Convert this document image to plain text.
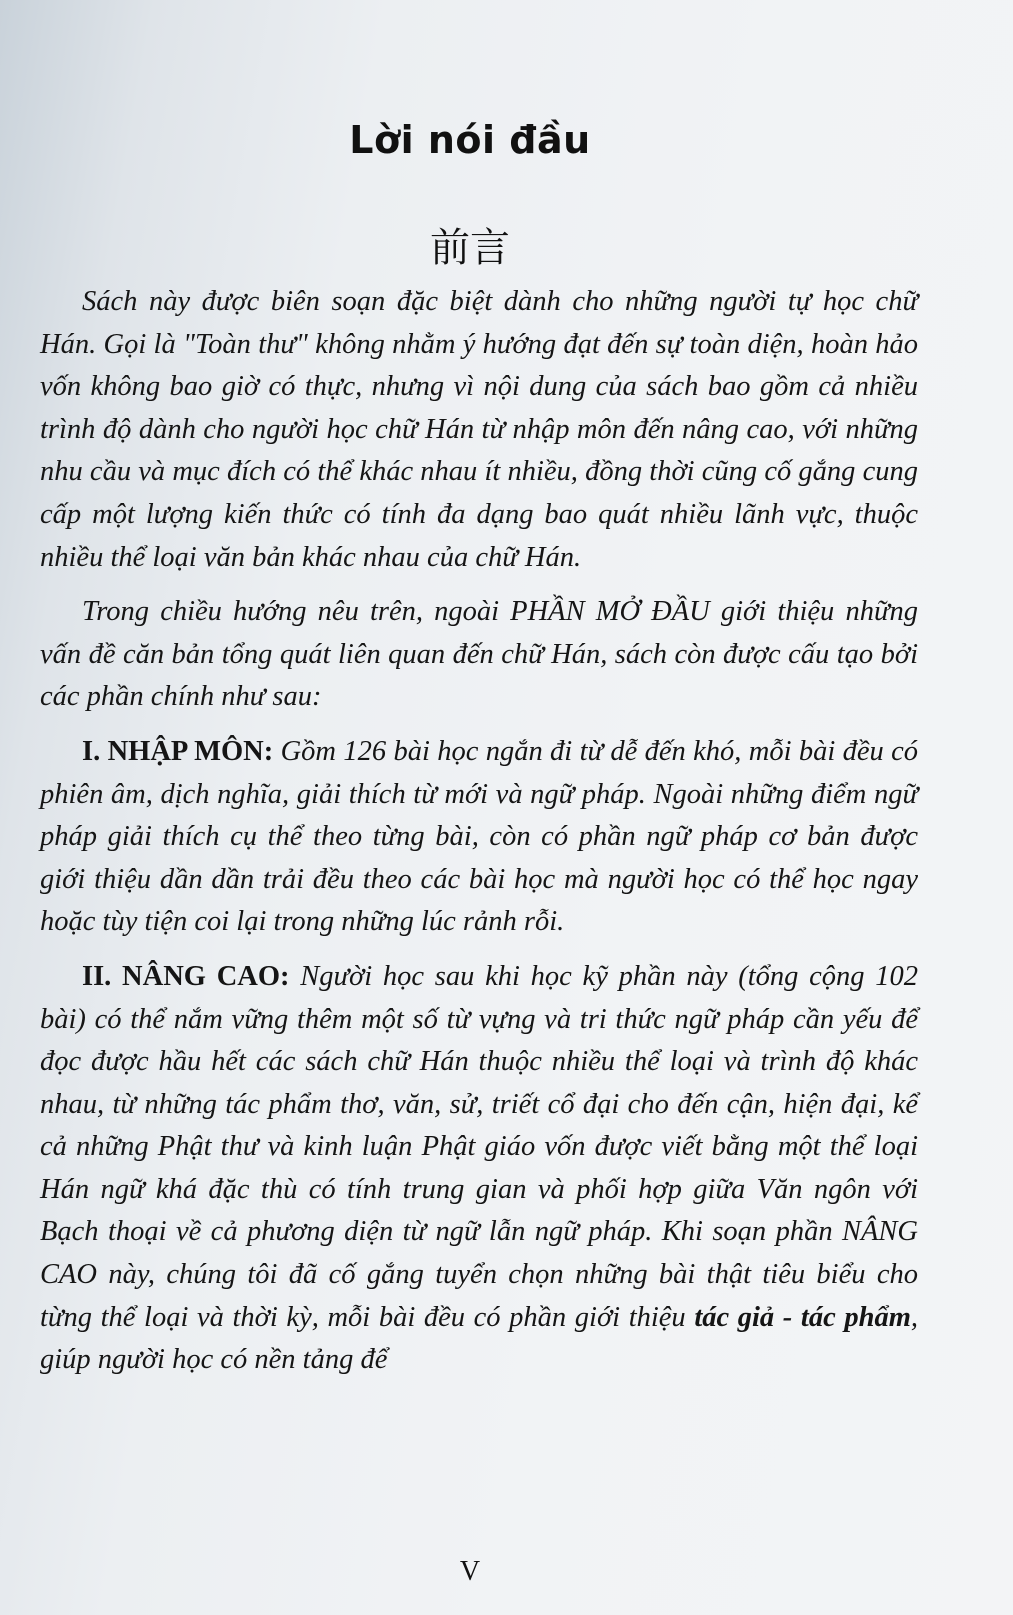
Lời nói đầu
前言

Sách này được biên soạn đặc biệt dành cho những người tự học chữ Hán. Gọi là "Toàn thư" không nhằm ý hướng đạt đến sự toàn diện, hoàn hảo vốn không bao giờ có thực, nhưng vì nội dung của sách bao gồm cả nhiều trình độ dành cho người học chữ Hán từ nhập môn đến nâng cao, với những nhu cầu và mục đích có thể khác nhau ít nhiều, đồng thời cũng cố gắng cung cấp một lượng kiến thức có tính đa dạng bao quát nhiều lãnh vực, thuộc nhiều thể loại văn bản khác nhau của chữ Hán.

Trong chiều hướng nêu trên, ngoài PHẦN MỞ ĐẦU giới thiệu những vấn đề căn bản tổng quát liên quan đến chữ Hán, sách còn được cấu tạo bởi các phần chính như sau:

I. NHẬP MÔN: Gồm 126 bài học ngắn đi từ dễ đến khó, mỗi bài đều có phiên âm, dịch nghĩa, giải thích từ mới và ngữ pháp. Ngoài những điểm ngữ pháp giải thích cụ thể theo từng bài, còn có phần ngữ pháp cơ bản được giới thiệu dần dần trải đều theo các bài học mà người học có thể học ngay hoặc tùy tiện coi lại trong những lúc rảnh rỗi.

II. NÂNG CAO: Người học sau khi học kỹ phần này (tổng cộng 102 bài) có thể nắm vững thêm một số từ vựng và tri thức ngữ pháp cần yếu để đọc được hầu hết các sách chữ Hán thuộc nhiều thể loại và trình độ khác nhau, từ những tác phẩm thơ, văn, sử, triết cổ đại cho đến cận, hiện đại, kể cả những Phật thư và kinh luận Phật giáo vốn được viết bằng một thể loại Hán ngữ khá đặc thù có tính trung gian và phối hợp giữa Văn ngôn với Bạch thoại về cả phương diện từ ngữ lẫn ngữ pháp. Khi soạn phần NÂNG CAO này, chúng tôi đã cố gắng tuyển chọn những bài thật tiêu biểu cho từng thể loại và thời kỳ, mỗi bài đều có phần giới thiệu tác giả - tác phẩm, giúp người học có nền tảng để

V
